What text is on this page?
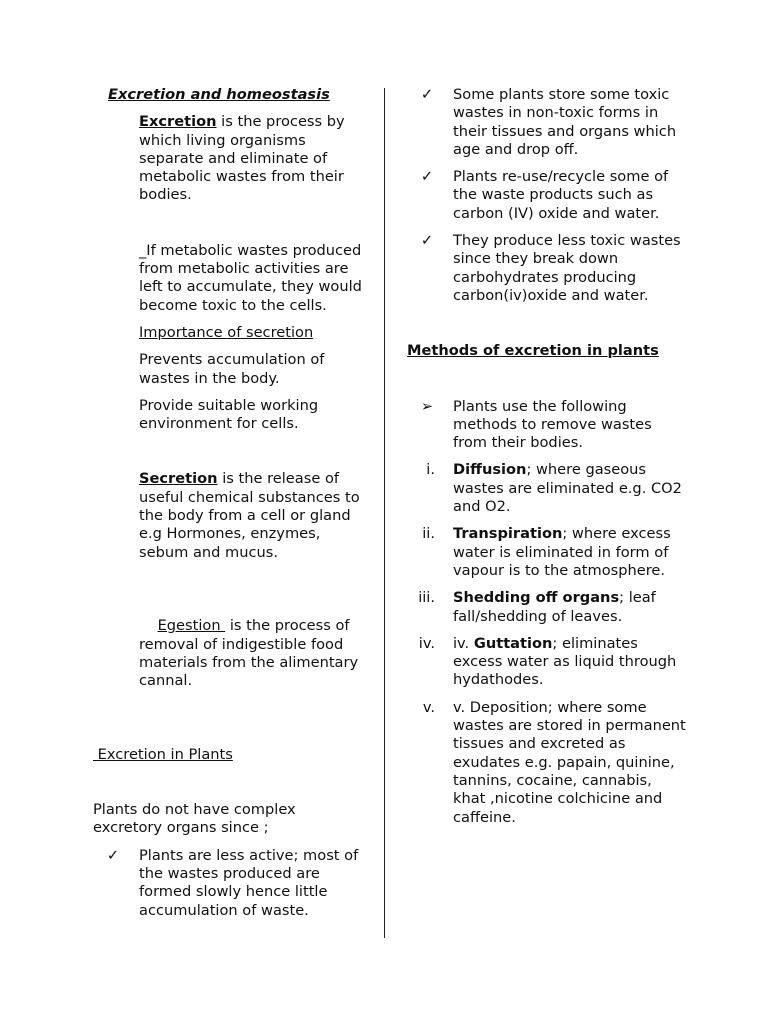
Excretion and homeostasis

Excretion is the process by which living organisms separate and eliminate of metabolic wastes from their bodies.

_If metabolic wastes produced from metabolic activities are left to accumulate, they would become toxic to the cells.

Importance of secretion

Prevents accumulation of wastes in the body.
Provide suitable working environment for cells.

Secretion is the release of useful chemical substances to the body from a cell or gland e.g Hormones, enzymes, sebum and mucus.

Egestion  is the process of removal of indigestible food materials from the alimentary cannal.

Excretion in Plants

Plants do not have complex excretory organs since ;

✓	Plants are less active; most of the wastes produced are formed slowly hence little accumulation of waste.
✓	Some plants store some toxic wastes in non-toxic forms in their tissues and organs which age and drop off.
✓	Plants re-use/recycle some of the waste products such as carbon (IV) oxide and water.
✓	They produce less toxic wastes since they break down carbohydrates producing carbon(iv)oxide and water.

Methods of excretion in plants

➢	Plants use the following methods to remove wastes from their bodies.
i. Diffusion; where gaseous wastes are eliminated e.g. CO2 and O2.
ii. Transpiration; where excess water is eliminated in form of vapour is to the atmosphere.
iii. Shedding off organs; leaf fall/shedding of leaves.
iv. iv. Guttation; eliminates excess water as liquid through hydathodes.
v. v. Deposition; where some wastes are stored in permanent tissues and excreted as exudates e.g. papain, quinine, tannins, cocaine, cannabis, khat ,nicotine colchicine and caffeine.
